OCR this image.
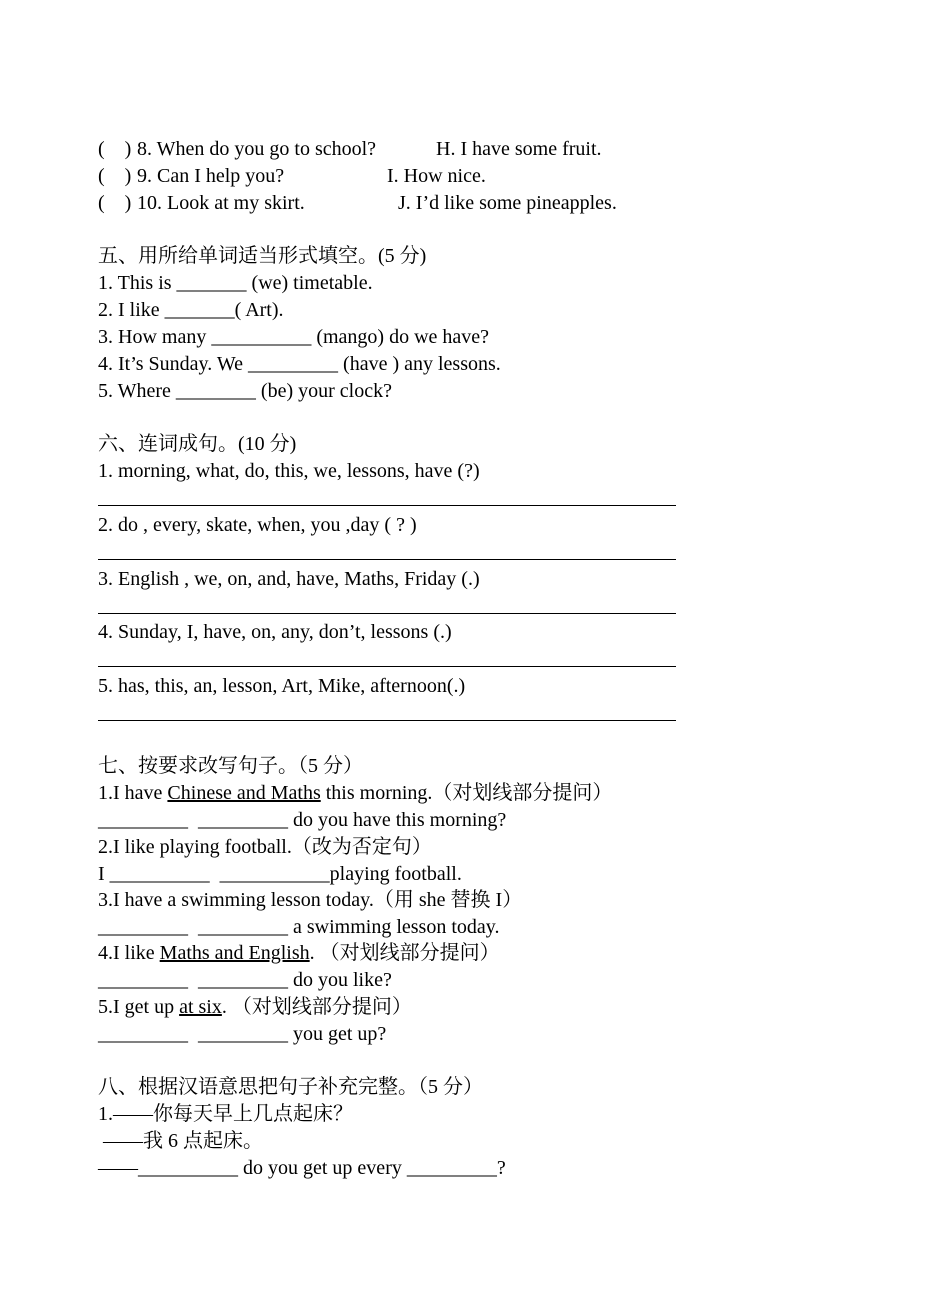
(    ) 8. When do you go to school?	H. I have some fruit.
(    ) 9. Can I help you?	I. How nice.
(    ) 10. Look at my skirt.	J. I’d like some pineapples.
五、用所给单词适当形式填空。(5 分)
1. This is _______ (we) timetable.
2. I like _______( Art).
3. How many __________ (mango) do we have?
4. It’s Sunday. We _________ (have ) any lessons.
5. Where ________ (be) your clock?
六、连词成句。(10 分)
1. morning, what, do, this, we, lessons, have (?)
2. do , every, skate, when, you ,day ( ? )
3. English , we, on, and, have, Maths, Friday (.)
4. Sunday, I, have, on, any, don’t, lessons (.)
5. has, this, an, lesson, Art, Mike, afternoon(.)
七、按要求改写句子。（5 分）
1.I have Chinese and Maths this morning.（对划线部分提问）
_________  _________ do you have this morning?
2.I like playing football.（改为否定句）
I __________  ___________playing football.
3.I have a swimming lesson today.（用 she 替换 I）
_________  _________ a swimming lesson today.
4.I like Maths and English. （对划线部分提问）
_________  _________ do you like?
5.I get up at six. （对划线部分提问）
_________  _________ you get up?
八、根据汉语意思把句子补充完整。（5 分）
1.——你每天早上几点起床？
——我 6 点起床。
——__________ do you get up every _________?
